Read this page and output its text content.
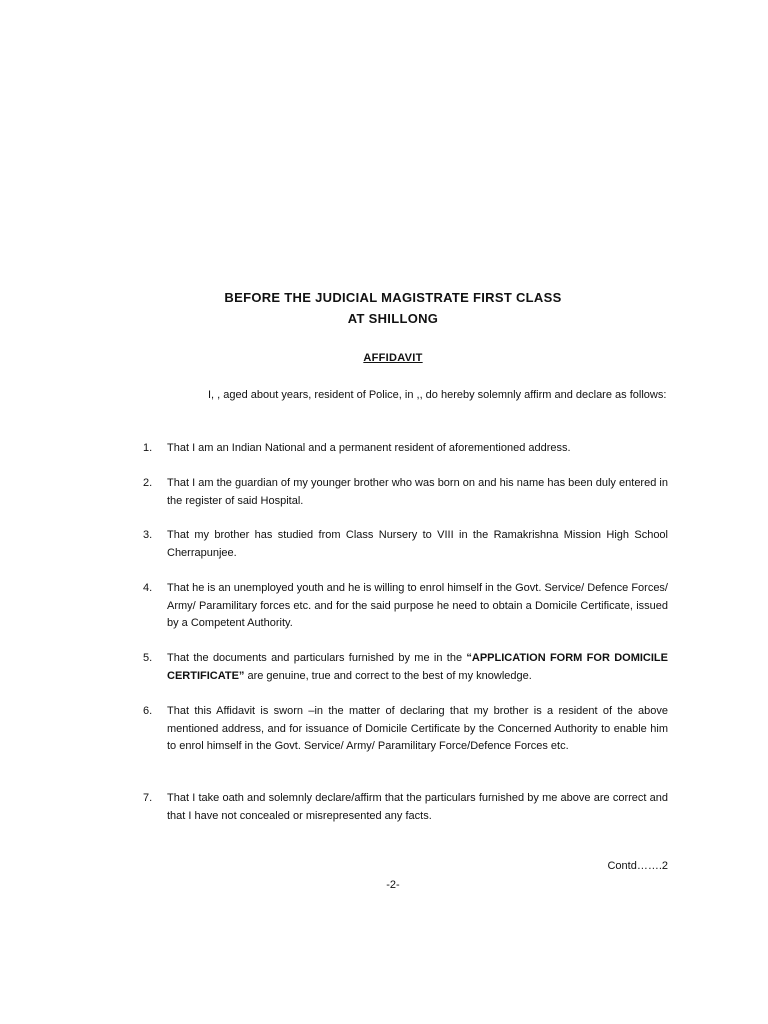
BEFORE THE JUDICIAL MAGISTRATE FIRST CLASS
AT SHILLONG
AFFIDAVIT

I, , aged about years, resident of Police, in ,, do hereby solemnly affirm and declare as follows:

1. That I am an Indian National and a permanent resident of aforementioned address.

2. That I am the guardian of my younger brother who was born on and his name has been duly entered in the register of said Hospital.

3. That my brother has studied from Class Nursery to VIII in the Ramakrishna Mission High School Cherrapunjee.

4. That he is an unemployed youth and he is willing to enrol himself in the Govt. Service/ Defence Forces/ Army/ Paramilitary forces etc. and for the said purpose he need to obtain a Domicile Certificate, issued by a Competent Authority.

5. That the documents and particulars furnished by me in the “APPLICATION FORM FOR DOMICILE CERTIFICATE” are genuine, true and correct to the best of my knowledge.

6. That this Affidavit is sworn –in the matter of declaring that my brother is a resident of the above mentioned address, and for issuance of Domicile Certificate by the Concerned Authority to enable him to enrol himself in the Govt. Service/ Army/ Paramilitary Force/Defence Forces etc.

7. That I take oath and solemnly declare/affirm that the particulars furnished by me above are correct and that I have not concealed or misrepresented any facts.

Contd…….2
-2-
